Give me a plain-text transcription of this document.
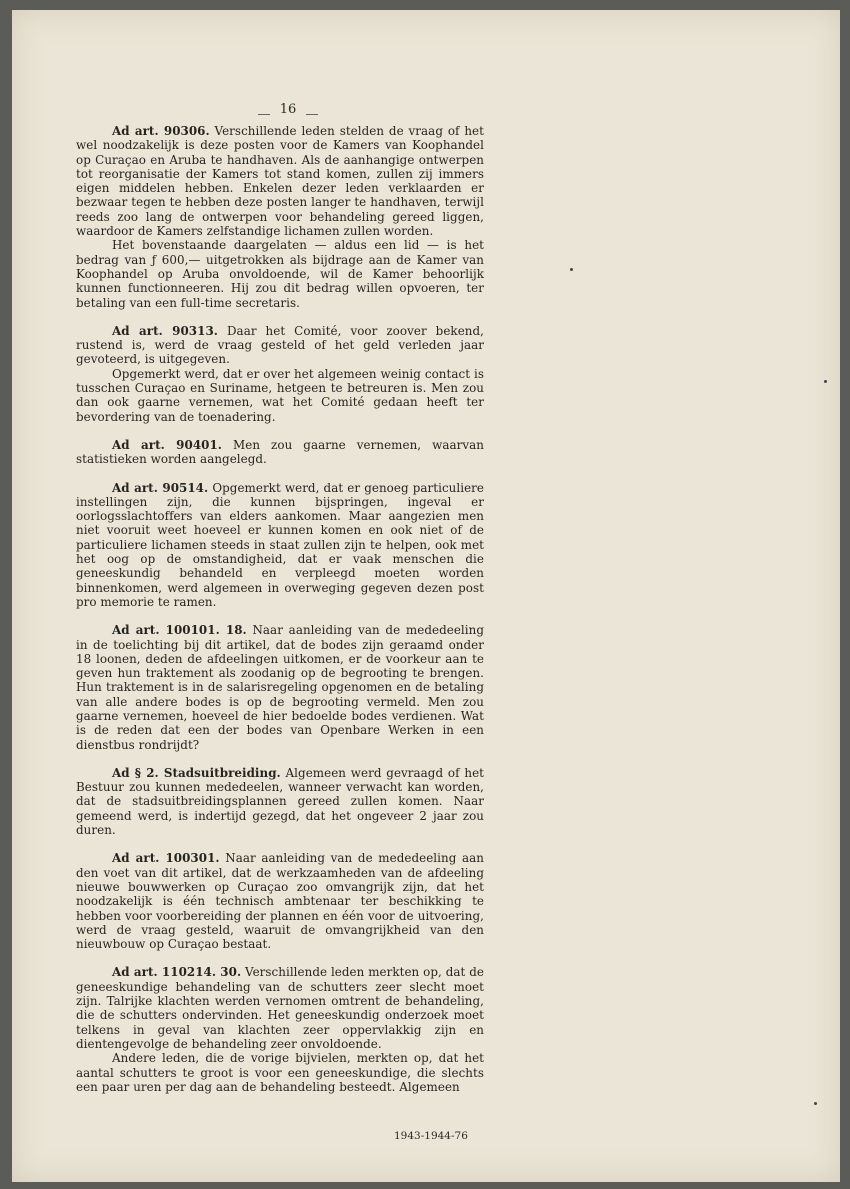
16

Ad art. 90306. Verschillende leden stelden de vraag of het wel noodzakelijk is deze posten voor de Kamers van Koophandel op Curaçao en Aruba te handhaven. Als de aanhangige ontwerpen tot reorganisatie der Kamers tot stand komen, zullen zij immers eigen middelen hebben. Enkelen dezer leden verklaarden er bezwaar tegen te hebben deze posten langer te handhaven, terwijl reeds zoo lang de ontwerpen voor behandeling gereed liggen, waardoor de Kamers zelfstandige lichamen zullen worden.

Het bovenstaande daargelaten — aldus een lid — is het bedrag van ƒ 600,— uitgetrokken als bijdrage aan de Kamer van Koophandel op Aruba onvoldoende, wil de Kamer behoorlijk kunnen functionneeren. Hij zou dit bedrag willen opvoeren, ter betaling van een full-time secretaris.

Ad art. 90313. Daar het Comité, voor zoover bekend, rustend is, werd de vraag gesteld of het geld verleden jaar gevoteerd, is uitgegeven.

Opgemerkt werd, dat er over het algemeen weinig contact is tusschen Curaçao en Suriname, hetgeen te betreuren is. Men zou dan ook gaarne vernemen, wat het Comité gedaan heeft ter bevordering van de toenadering.

Ad art. 90401. Men zou gaarne vernemen, waarvan statistieken worden aangelegd.

Ad art. 90514. Opgemerkt werd, dat er genoeg particuliere instellingen zijn, die kunnen bijspringen, ingeval er oorlogsslachtoffers van elders aankomen. Maar aangezien men niet vooruit weet hoeveel er kunnen komen en ook niet of de particuliere lichamen steeds in staat zullen zijn te helpen, ook met het oog op de omstandigheid, dat er vaak menschen die geneeskundig behandeld en verpleegd moeten worden binnenkomen, werd algemeen in overweging gegeven dezen post pro memorie te ramen.

Ad art. 100101. 18. Naar aanleiding van de mededeeling in de toelichting bij dit artikel, dat de bodes zijn geraamd onder 18 loonen, deden de afdeelingen uitkomen, er de voorkeur aan te geven hun traktement als zoodanig op de begrooting te brengen. Hun traktement is in de salarisregeling opgenomen en de betaling van alle andere bodes is op de begrooting vermeld. Men zou gaarne vernemen, hoeveel de hier bedoelde bodes verdienen. Wat is de reden dat een der bodes van Openbare Werken in een dienstbus rondrijdt?

Ad § 2. Stadsuitbreiding. Algemeen werd gevraagd of het Bestuur zou kunnen mededeelen, wanneer verwacht kan worden, dat de stadsuitbreidingsplannen gereed zullen komen. Naar gemeend werd, is indertijd gezegd, dat het ongeveer 2 jaar zou duren.

Ad art. 100301. Naar aanleiding van de mededeeling aan den voet van dit artikel, dat de werkzaamheden van de afdeeling nieuwe bouwwerken op Curaçao zoo omvangrijk zijn, dat het noodzakelijk is één technisch ambtenaar ter beschikking te hebben voor voorbereiding der plannen en één voor de uitvoering, werd de vraag gesteld, waaruit de omvangrijkheid van den nieuwbouw op Curaçao bestaat.

Ad art. 110214. 30. Verschillende leden merkten op, dat de geneeskundige behandeling van de schutters zeer slecht moet zijn. Talrijke klachten werden vernomen omtrent de behandeling, die de schutters ondervinden. Het geneeskundig onderzoek moet telkens in geval van klachten zeer oppervlakkig zijn en dientengevolge de behandeling zeer onvoldoende.

Andere leden, die de vorige bijvielen, merkten op, dat het aantal schutters te groot is voor een geneeskundige, die slechts een paar uren per dag aan de behandeling besteedt. Algemeen

1943-1944-76
